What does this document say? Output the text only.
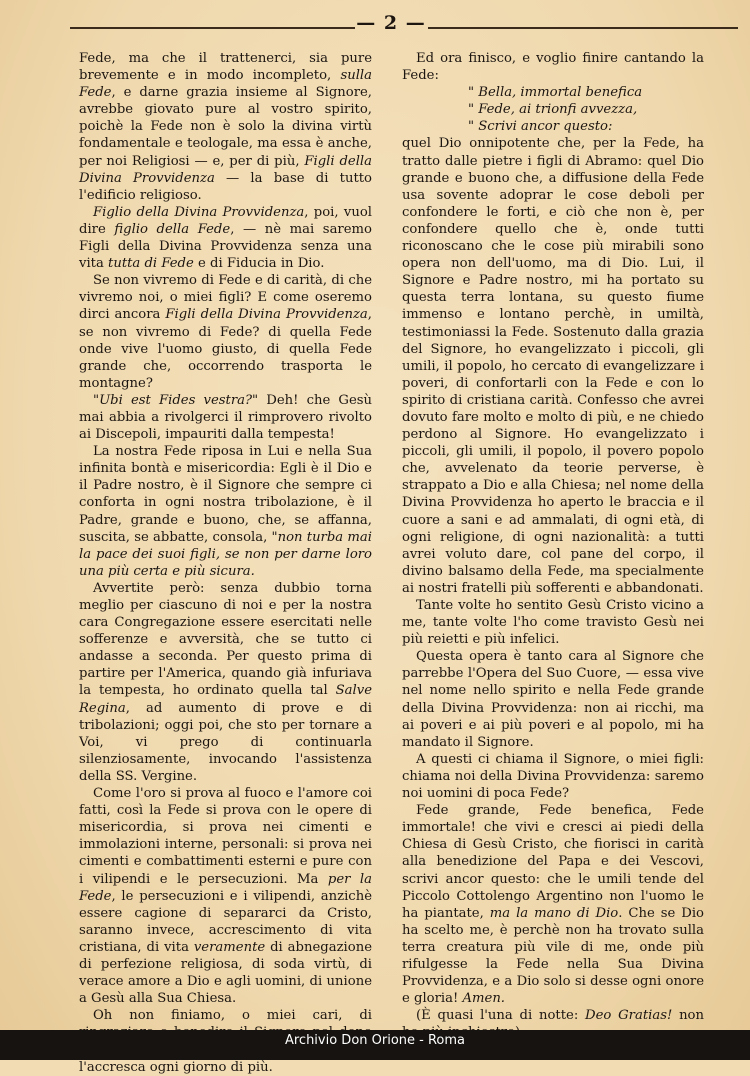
— 2 —

Fede, ma che il trattenerci, sia pure brevemente e in modo incompleto, sulla Fede, e darne grazia insieme al Signore, avrebbe giovato pure al vostro spirito, poichè la Fede non è solo la divina virtù fondamentale e teologale, ma essa è anche, per noi Religiosi — e, per di più, Figli della Divina Provvidenza — la base di tutto l'edificio religioso.

Figlio della Divina Provvidenza, poi, vuol dire figlio della Fede, — nè mai saremo Figli della Divina Provvidenza senza una vita tutta di Fede e di Fiducia in Dio.

Se non vivremo di Fede e di carità, di che vivremo noi, o miei figli? E come oseremo dirci ancora Figli della Divina Provvidenza, se non vivremo di Fede? di quella Fede onde vive l'uomo giusto, di quella Fede grande che, occorrendo trasporta le montagne?

"Ubi est Fides vestra?" Deh! che Gesù mai abbia a rivolgerci il rimprovero rivolto ai Discepoli, impauriti dalla tempesta!

La nostra Fede riposa in Lui e nella Sua infinita bontà e misericordia: Egli è il Dio e il Padre nostro, è il Signore che sempre ci conforta in ogni nostra tribolazione, è il Padre, grande e buono, che, se affanna, suscita, se abbatte, consola, "non turba mai la pace dei suoi figli, se non per darne loro una più certa e più sicura.

Avvertite però: senza dubbio torna meglio per ciascuno di noi e per la nostra cara Congregazione essere esercitati nelle sofferenze e avversità, che se tutto ci andasse a seconda. Per questo prima di partire per l'America, quando già infuriava la tempesta, ho ordinato quella tal Salve Regina, ad aumento di prove e di tribolazioni; oggi poi, che sto per tornare a Voi, vi prego di continuarla silenziosamente, invocando l'assistenza della SS. Vergine.

Come l'oro si prova al fuoco e l'amore coi fatti, così la Fede si prova con le opere di misericordia, si prova nei cimenti e immolazioni interne, personali: si prova nei cimenti e combattimenti esterni e pure con i vilipendi e le persecuzioni. Ma per la Fede, le persecuzioni e i vilipendi, anzichè essere cagione di separarci da Cristo, saranno invece, accrescimento di vita cristiana, di vita veramente di abnegazione di perfezione religiosa, di soda virtù, di verace amore a Dio e agli uomini, di unione a Gesù alla Sua Chiesa.

Oh non finiamo, o miei cari, di l'accresca ogni giorno di più.

Ed ora finisco, e voglio finire cantando la Fede:

" Bella, immortal benefica

" Fede, ai trionfi avvezza,

" Scrivi ancor questo:

quel Dio onnipotente che, per la Fede, ha tratto dalle pietre i figli di Abramo: quel Dio grande e buono che, a diffusione della Fede usa sovente adoprar le cose deboli per confondere le forti, e ciò che non è, per confondere quello che è, onde tutti riconoscano che le cose più mirabili sono opera non dell'uomo, ma di Dio. Lui, il Signore e Padre nostro, mi ha portato su questa terra lontana, su questo fiume immenso e lontano perchè, in umiltà, testimoniassi la Fede. Sostenuto dalla grazia del Signore, ho evangelizzato i piccoli, gli umili, il popolo, ho cercato di evangelizzare i poveri, di confortarli con la Fede e con lo spirito di cristiana carità. Confesso che avrei dovuto fare molto e molto di più, e ne chiedo perdono al Signore. Ho evangelizzato i piccoli, gli umili, il popolo, il povero popolo che, avvelenato da teorie perverse, è strappato a Dio e alla Chiesa; nel nome della Divina Provvidenza ho aperto le braccia e il cuore a sani e ad ammalati, di ogni età, di ogni religione, di ogni nazionalità: a tutti avrei voluto dare, col pane del corpo, il divino balsamo della Fede, ma specialmente ai nostri fratelli più sofferenti e abbandonati.

Tante volte ho sentito Gesù Cristo vicino a me, tante volte l'ho come travisto Gesù nei più reietti e più infelici.

Questa opera è tanto cara al Signore che parrebbe l'Opera del Suo Cuore, — essa vive nel nome nello spirito e nella Fede grande della Divina Provvidenza: non ai ricchi, ma ai poveri e ai più poveri e al popolo, mi ha mandato il Signore.

A questi ci chiama il Signore, o miei figli: chiama noi della Divina Provvidenza: saremo noi uomini di poca Fede?

Fede grande, Fede benefica, Fede immortale! che vivi e cresci ai piedi della Chiesa di Gesù Cristo, che fiorisci in carità alla benedizione del Papa e dei Vescovi, scrivi ancor questo: che le umili tende del Piccolo Cottolengo Argentino non l'uomo le ha piantate, ma la mano di Dio. Che se Dio ha scelto me, è perchè non ha trovato sulla terra creatura più vile di me, onde più rifulgesse la Fede nella Sua Divina Provvidenza, e a Dio solo si desse ogni onore e gloria! Amen.

(È quasi l'una di notte: Deo Gratias! non

Archivio Don Orione - Roma
